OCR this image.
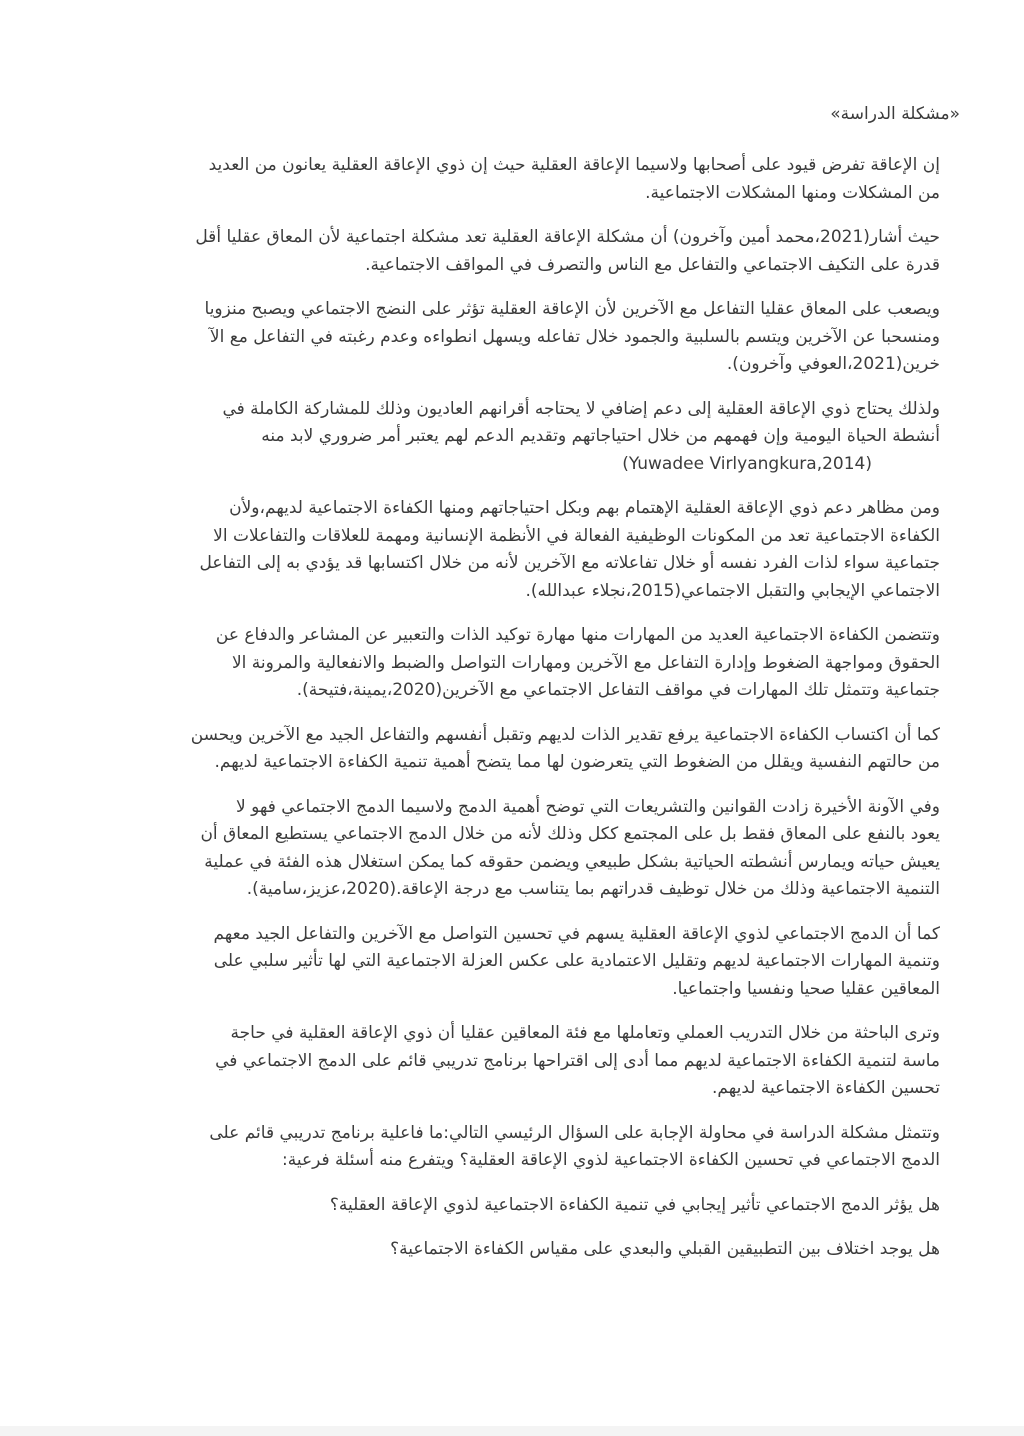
«مشكلة الدراسة»
إن الإعاقة تفرض قيود على أصحابها ولاسيما الإعاقة العقلية حيث إن ذوي الإعاقة العقلية يعانون من العديد
من المشكلات ومنها المشكلات الاجتماعية.
حيث أشار(2021،محمد أمين وآخرون) أن مشكلة الإعاقة العقلية تعد مشكلة اجتماعية لأن المعاق عقليا أقل
قدرة على التكيف الاجتماعي والتفاعل مع الناس والتصرف في المواقف الاجتماعية.
ويصعب على المعاق عقليا التفاعل مع الآخرين لأن الإعاقة العقلية تؤثر على النضج الاجتماعي ويصبح منزويا
ومنسحبا عن الآخرين ويتسم بالسلبية والجمود خلال تفاعله ويسهل انطواءه وعدم رغبته في التفاعل مع الآ
خرين(2021،العوفي وآخرون).
ولذلك يحتاج ذوي الإعاقة العقلية إلى دعم إضافي لا يحتاجه أقرانهم العاديون وذلك للمشاركة الكاملة في
أنشطة الحياة اليومية وإن فهمهم من خلال احتياجاتهم وتقديم الدعم لهم يعتبر أمر ضروري لابد منه
(Yuwadee Virlyangkura,2014)
ومن مظاهر دعم ذوي الإعاقة العقلية الإهتمام بهم وبكل احتياجاتهم ومنها الكفاءة الاجتماعية لديهم،ولأن
الكفاءة الاجتماعية تعد من المكونات الوظيفية الفعالة في الأنظمة الإنسانية ومهمة للعلاقات والتفاعلات الا
جتماعية سواء لذات الفرد نفسه أو خلال تفاعلاته مع الآخرين لأنه من خلال اكتسابها قد يؤدي به إلى التفاعل
الاجتماعي الإيجابي والتقبل الاجتماعي(2015،نجلاء عبدالله).
وتتضمن الكفاءة الاجتماعية العديد من المهارات منها مهارة توكيد الذات والتعبير عن المشاعر والدفاع عن
الحقوق ومواجهة الضغوط وإدارة التفاعل مع الآخرين ومهارات التواصل والضبط والانفعالية والمرونة الا
جتماعية وتتمثل تلك المهارات في مواقف التفاعل الاجتماعي مع الآخرين(2020،يمينة،فتيحة).
كما أن اكتساب الكفاءة الاجتماعية يرفع تقدير الذات لديهم وتقبل أنفسهم والتفاعل الجيد مع الآخرين ويحسن
من حالتهم النفسية ويقلل من الضغوط التي يتعرضون لها مما يتضح أهمية تنمية الكفاءة الاجتماعية لديهم.
وفي الآونة الأخيرة زادت القوانين والتشريعات التي توضح أهمية الدمج ولاسيما الدمج الاجتماعي فهو لا
يعود بالنفع على المعاق فقط بل على المجتمع ككل وذلك لأنه من خلال الدمج الاجتماعي يستطيع المعاق أن
يعيش حياته ويمارس أنشطته الحياتية بشكل طبيعي ويضمن حقوقه كما يمكن استغلال هذه الفئة في عملية
التنمية الاجتماعية وذلك من خلال توظيف قدراتهم بما يتناسب مع درجة الإعاقة.(2020،عزيز،سامية).
كما أن الدمج الاجتماعي لذوي الإعاقة العقلية يسهم في تحسين التواصل مع الآخرين والتفاعل الجيد معهم
وتنمية المهارات الاجتماعية لديهم وتقليل الاعتمادية على عكس العزلة الاجتماعية التي لها تأثير سلبي على
المعاقين عقليا صحيا ونفسيا واجتماعيا.
وترى الباحثة من خلال التدريب العملي وتعاملها مع فئة المعاقين عقليا أن ذوي الإعاقة العقلية في حاجة
ماسة لتنمية الكفاءة الاجتماعية لديهم مما أدى إلى اقتراحها برنامج تدريبي قائم على الدمج الاجتماعي في
تحسين الكفاءة الاجتماعية لديهم.
وتتمثل مشكلة الدراسة في محاولة الإجابة على السؤال الرئيسي التالي:ما فاعلية برنامج تدريبي قائم على
الدمج الاجتماعي في تحسين الكفاءة الاجتماعية لذوي الإعاقة العقلية؟ ويتفرع منه أسئلة فرعية:
هل يؤثر الدمج الاجتماعي تأثير إيجابي في تنمية الكفاءة الاجتماعية لذوي الإعاقة العقلية؟
هل يوجد اختلاف بين التطبيقين القبلي والبعدي على مقياس الكفاءة الاجتماعية؟
